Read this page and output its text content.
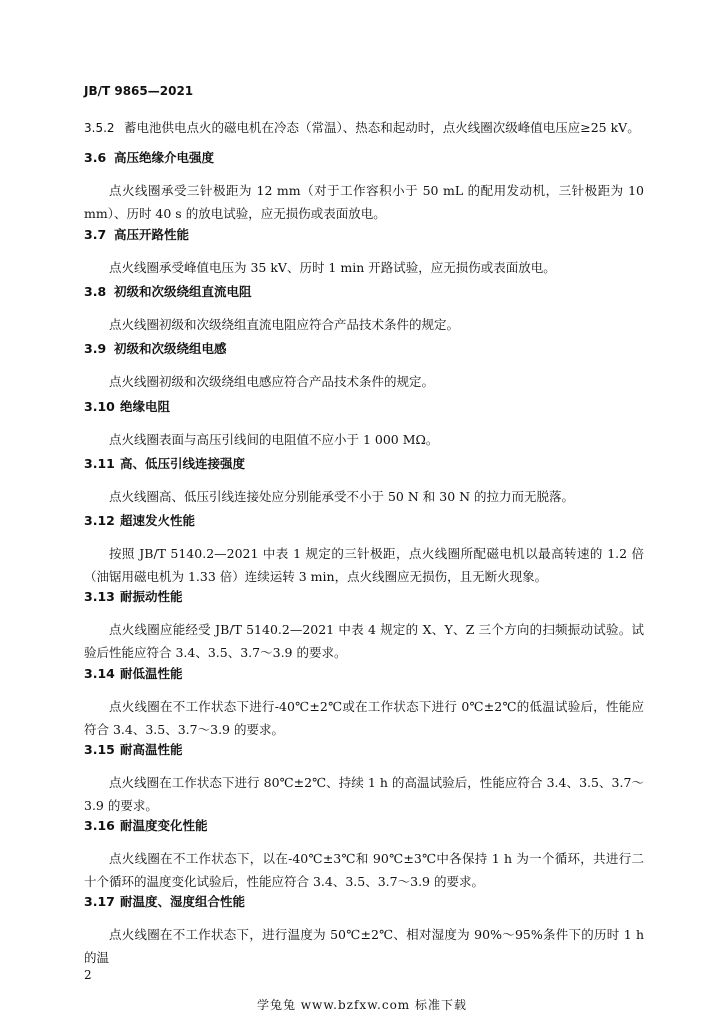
JB/T 9865—2021
3.5.2 蓄电池供电点火的磁电机在冷态（常温）、热态和起动时，点火线圈次级峰值电压应≥25 kV。
3.6 高压绝缘介电强度
点火线圈承受三针极距为 12 mm（对于工作容积小于 50 mL 的配用发动机，三针极距为 10 mm）、历时 40 s 的放电试验，应无损伤或表面放电。
3.7 高压开路性能
点火线圈承受峰值电压为 35 kV、历时 1 min 开路试验，应无损伤或表面放电。
3.8 初级和次级绕组直流电阻
点火线圈初级和次级绕组直流电阻应符合产品技术条件的规定。
3.9 初级和次级绕组电感
点火线圈初级和次级绕组电感应符合产品技术条件的规定。
3.10 绝缘电阻
点火线圈表面与高压引线间的电阻值不应小于 1 000 MΩ。
3.11 高、低压引线连接强度
点火线圈高、低压引线连接处应分别能承受不小于 50 N 和 30 N 的拉力而无脱落。
3.12 超速发火性能
按照 JB/T 5140.2—2021 中表 1 规定的三针极距，点火线圈所配磁电机以最高转速的 1.2 倍（油锯用磁电机为 1.33 倍）连续运转 3 min，点火线圈应无损伤，且无断火现象。
3.13 耐振动性能
点火线圈应能经受 JB/T 5140.2—2021 中表 4 规定的 X、Y、Z 三个方向的扫频振动试验。试验后性能应符合 3.4、3.5、3.7～3.9 的要求。
3.14 耐低温性能
点火线圈在不工作状态下进行-40℃±2℃或在工作状态下进行 0℃±2℃的低温试验后，性能应符合 3.4、3.5、3.7～3.9 的要求。
3.15 耐高温性能
点火线圈在工作状态下进行 80℃±2℃、持续 1 h 的高温试验后，性能应符合 3.4、3.5、3.7～3.9 的要求。
3.16 耐温度变化性能
点火线圈在不工作状态下，以在-40℃±3℃和 90℃±3℃中各保持 1 h 为一个循环，共进行二十个循环的温度变化试验后，性能应符合 3.4、3.5、3.7～3.9 的要求。
3.17 耐温度、湿度组合性能
点火线圈在不工作状态下，进行温度为 50℃±2℃、相对湿度为 90%～95%条件下的历时 1 h 的温
2
学兔兔 www.bzfxw.com 标准下载
